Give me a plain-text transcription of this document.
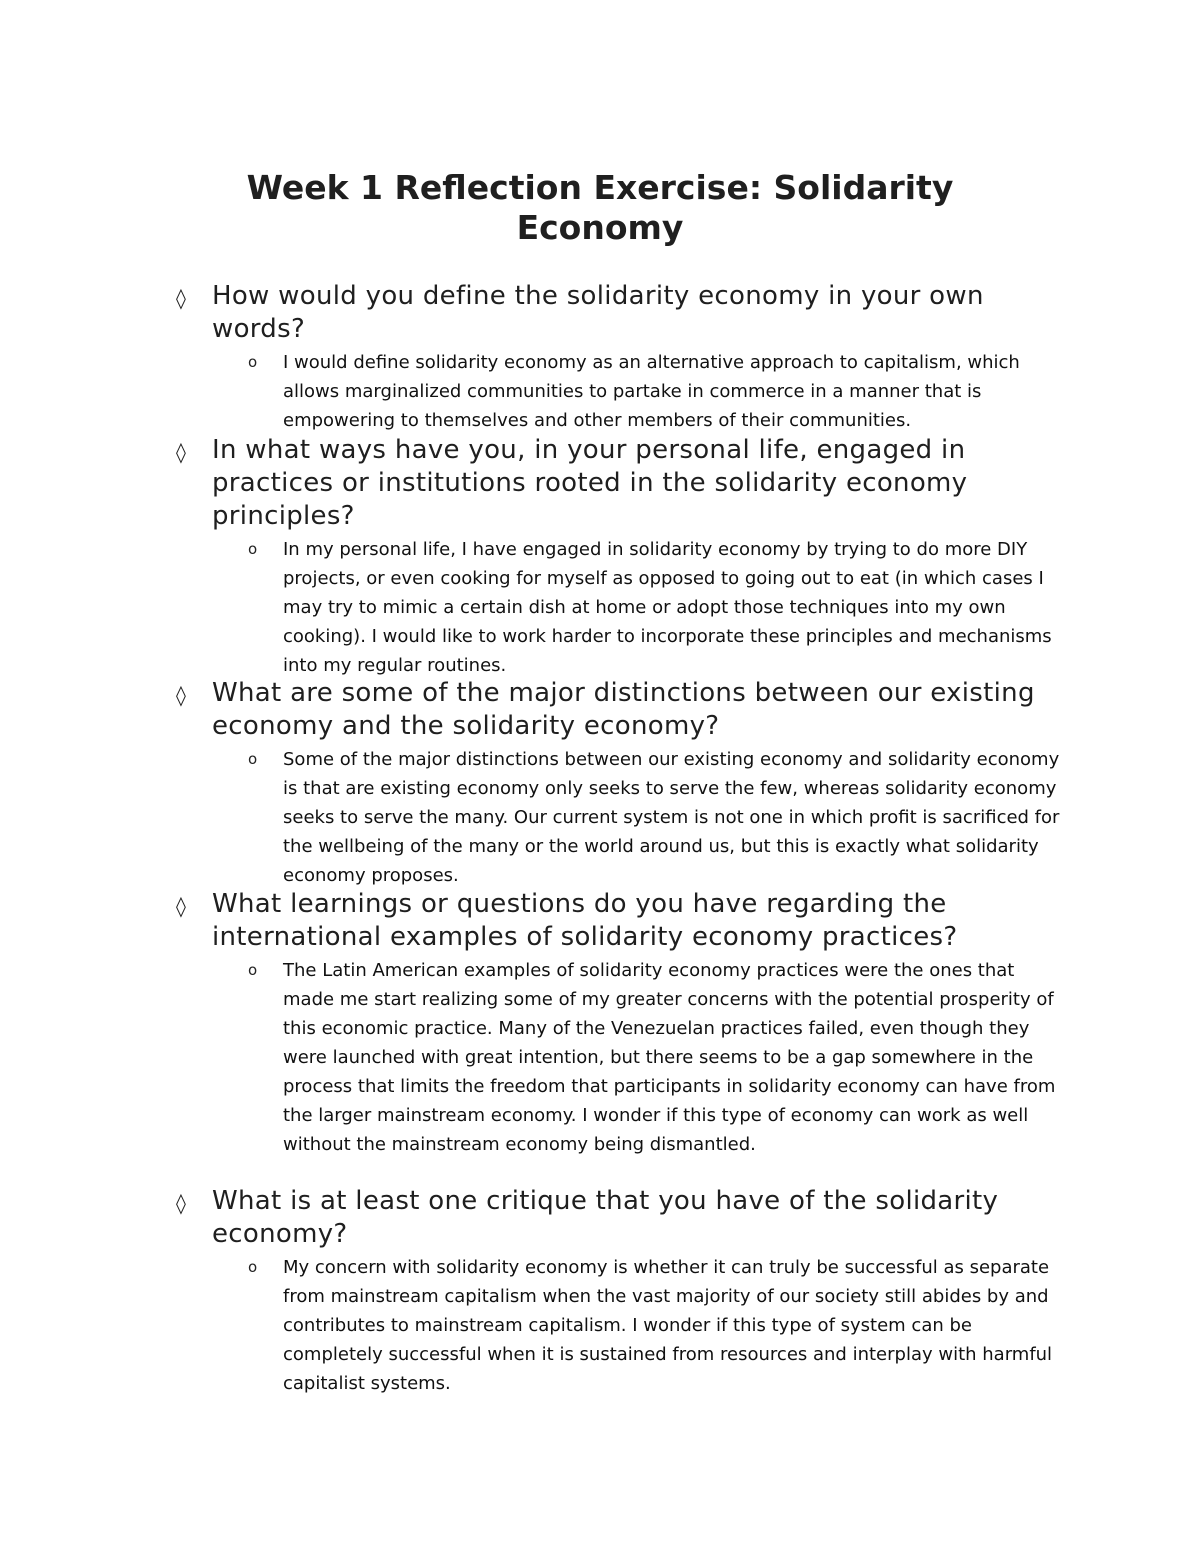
Week 1 Reflection Exercise: Solidarity Economy

◊ How would you define the solidarity economy in your own words?

o I would define solidarity economy as an alternative approach to capitalism, which allows marginalized communities to partake in commerce in a manner that is empowering to themselves and other members of their communities.

◊ In what ways have you, in your personal life, engaged in practices or institutions rooted in the solidarity economy principles?

o In my personal life, I have engaged in solidarity economy by trying to do more DIY projects, or even cooking for myself as opposed to going out to eat (in which cases I may try to mimic a certain dish at home or adopt those techniques into my own cooking). I would like to work harder to incorporate these principles and mechanisms into my regular routines.

◊ What are some of the major distinctions between our existing economy and the solidarity economy?

o Some of the major distinctions between our existing economy and solidarity economy is that are existing economy only seeks to serve the few, whereas solidarity economy seeks to serve the many. Our current system is not one in which profit is sacrificed for the wellbeing of the many or the world around us, but this is exactly what solidarity economy proposes.

◊ What learnings or questions do you have regarding the international examples of solidarity economy practices?

o The Latin American examples of solidarity economy practices were the ones that made me start realizing some of my greater concerns with the potential prosperity of this economic practice. Many of the Venezuelan practices failed, even though they were launched with great intention, but there seems to be a gap somewhere in the process that limits the freedom that participants in solidarity economy can have from the larger mainstream economy. I wonder if this type of economy can work as well without the mainstream economy being dismantled.

◊ What is at least one critique that you have of the solidarity economy?

o My concern with solidarity economy is whether it can truly be successful as separate from mainstream capitalism when the vast majority of our society still abides by and contributes to mainstream capitalism. I wonder if this type of system can be completely successful when it is sustained from resources and interplay with harmful capitalist systems.
